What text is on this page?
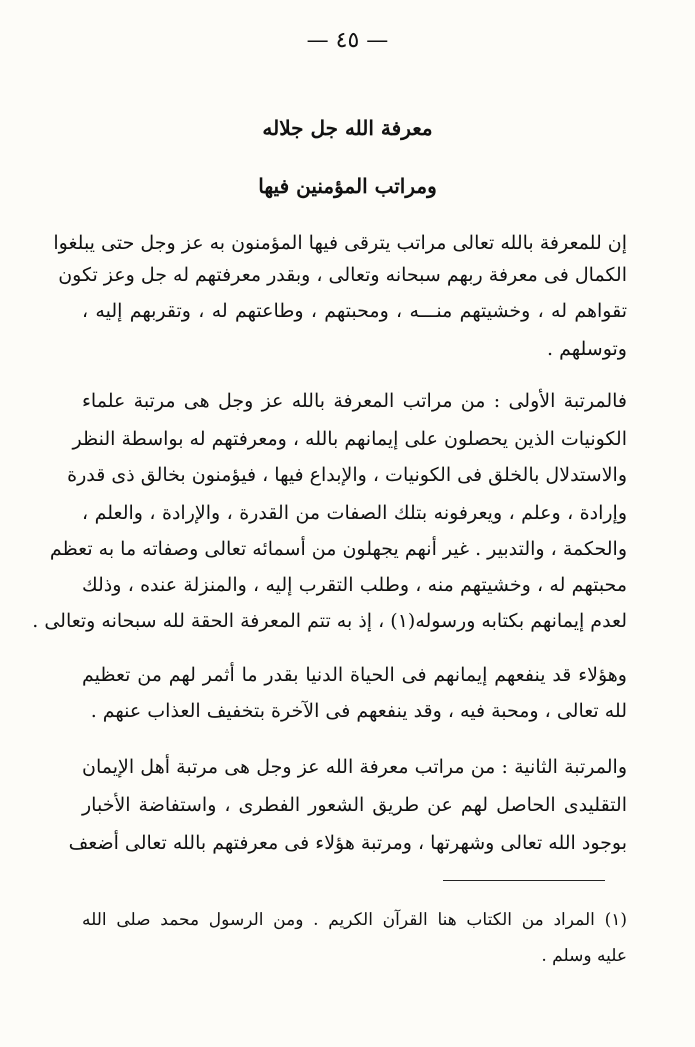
— ٤٥ —
معرفة الله جل جلاله
ومراتب المؤمنين فيها
إن للمعرفة بالله تعالى مراتب يترقى فيها المؤمنون به عز وجل حتى يبلغوا
الكمال فى معرفة ربهم سبحانه وتعالى ، وبقدر معرفتهم له جل وعز تكون
تقواهم له ، وخشيتهم منـــه ، ومحبتهم ، وطاعتهم له ، وتقربهم إليه ،
وتوسلهم .
فالمرتبة الأولى : من مراتب المعرفة بالله عز وجل هى مرتبة علماء
الكونيات الذين يحصلون على إيمانهم بالله ، ومعرفتهم له بواسطة النظر
والاستدلال بالخلق فى الكونيات ، والإبداع فيها ، فيؤمنون بخالق ذى قدرة
وإرادة ، وعلم ، ويعرفونه بتلك الصفات من القدرة ، والإرادة ، والعلم ،
والحكمة ، والتدبير . غير أنهم يجهلون من أسمائه تعالى وصفاته ما به تعظم
محبتهم له ، وخشيتهم منه ، وطلب التقرب إليه ، والمنزلة عنده ، وذلك
لعدم إيمانهم بكتابه ورسوله(١) ، إذ به تتم المعرفة الحقة لله سبحانه وتعالى .
وهؤلاء قد ينفعهم إيمانهم فى الحياة الدنيا بقدر ما أثمر لهم من تعظيم
لله تعالى ، ومحبة فيه ، وقد ينفعهم فى الآخرة بتخفيف العذاب عنهم .
والمرتبة الثانية : من مراتب معرفة الله عز وجل هى مرتبة أهل الإيمان
التقليدى الحاصل لهم عن طريق الشعور الفطرى ، واستفاضة الأخبار
بوجود الله تعالى وشهرتها ، ومرتبة هؤلاء فى معرفتهم بالله تعالى أضعف
(١) المراد من الكتاب هنا القرآن الكريم . ومن الرسول محمد صلى الله
عليه وسلم .
